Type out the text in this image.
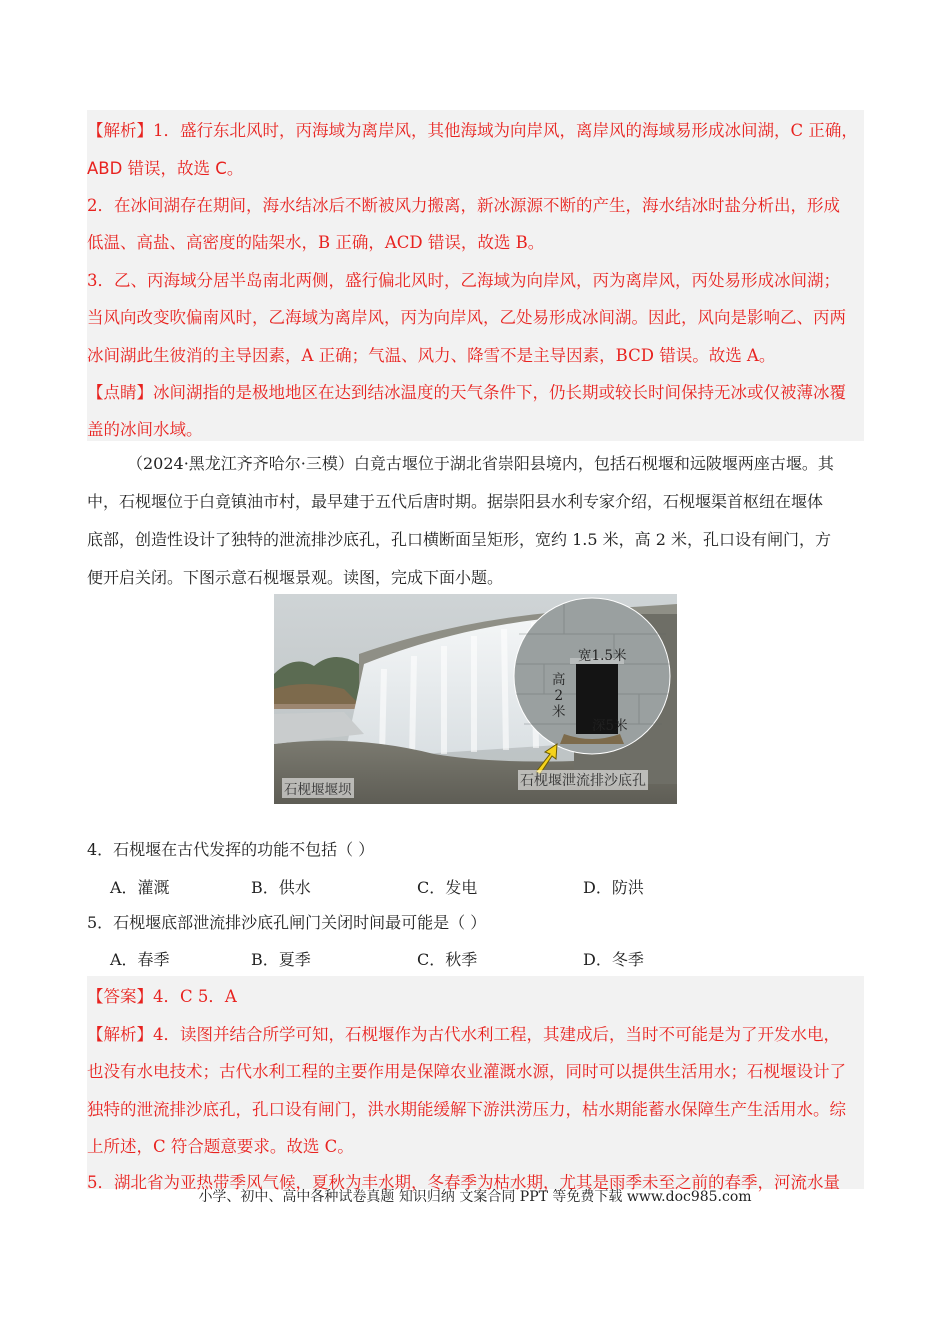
【解析】1．盛行东北风时，丙海域为离岸风，其他海域为向岸风，离岸风的海域易形成冰间湖，C 正确，
ABD 错误，故选 C。
2．在冰间湖存在期间，海水结冰后不断被风力搬离，新冰源源不断的产生，海水结冰时盐分析出，形成
低温、高盐、高密度的陆架水，B 正确，ACD 错误，故选 B。
3．乙、丙海域分居半岛南北两侧，盛行偏北风时，乙海域为向岸风，丙为离岸风，丙处易形成冰间湖；
当风向改变吹偏南风时，乙海域为离岸风，丙为向岸风，乙处易形成冰间湖。因此，风向是影响乙、丙两
冰间湖此生彼消的主导因素，A 正确；气温、风力、降雪不是主导因素，BCD 错误。故选 A。
【点睛】冰间湖指的是极地地区在达到结冰温度的天气条件下，仍长期或较长时间保持无冰或仅被薄冰覆
盖的冰间水域。
（2024·黑龙江齐齐哈尔·三模）白竟古堰位于湖北省崇阳县境内，包括石枧堰和远陂堰两座古堰。其
中，石枧堰位于白竟镇油市村，最早建于五代后唐时期。据崇阳县水利专家介绍，石枧堰渠首枢纽在堰体
底部，创造性设计了独特的泄流排沙底孔，孔口横断面呈矩形，宽约 1.5 米，高 2 米，孔口设有闸门，方
便开启关闭。下图示意石枧堰景观。读图，完成下面小题。
石枧堰堰坝
石枧堰泄流排沙底孔
宽1.5米
高
2
米
深5米
4．石枧堰在古代发挥的功能不包括（ ）
A．灌溉	B．供水	C．发电	D．防洪
5．石枧堰底部泄流排沙底孔闸门关闭时间最可能是（ ）
A．春季	B．夏季	C．秋季	D．冬季
【答案】4．C 5．A
【解析】4．读图并结合所学可知，石枧堰作为古代水利工程，其建成后，当时不可能是为了开发水电，
也没有水电技术；古代水利工程的主要作用是保障农业灌溉水源，同时可以提供生活用水；石枧堰设计了
独特的泄流排沙底孔，孔口设有闸门，洪水期能缓解下游洪涝压力，枯水期能蓄水保障生产生活用水。综
上所述，C 符合题意要求。故选 C。
5．湖北省为亚热带季风气候，夏秋为丰水期，冬春季为枯水期，尤其是雨季未至之前的春季，河流水量
小学、初中、高中各种试卷真题 知识归纳 文案合同 PPT 等免费下载 www.doc985.com
